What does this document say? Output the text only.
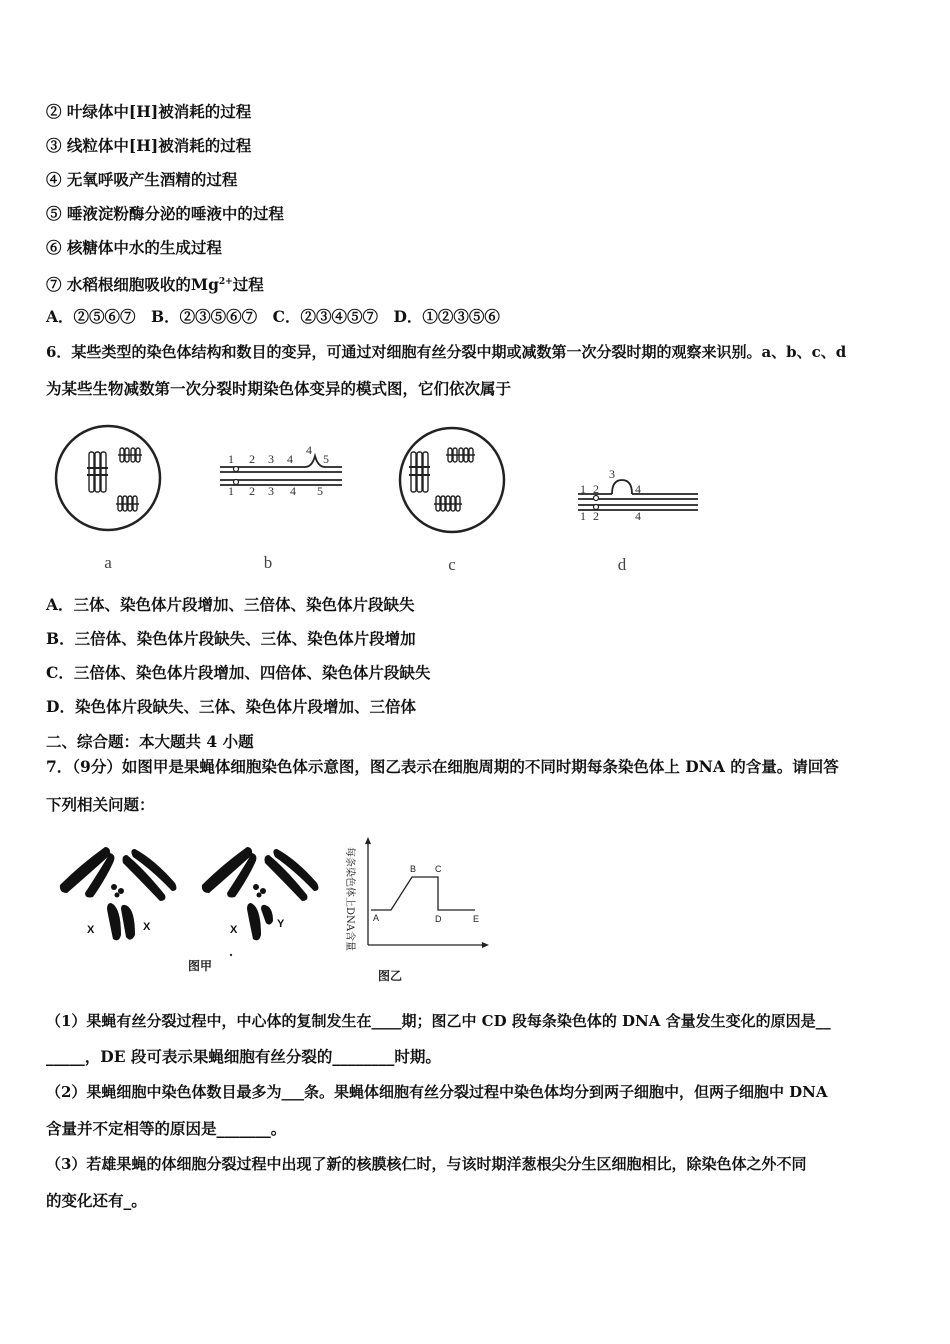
② 叶绿体中[H]被消耗的过程
③ 线粒体中[H]被消耗的过程
④ 无氧呼吸产生酒精的过程
⑤ 唾液淀粉酶分泌的唾液中的过程
⑥ 核糖体中水的生成过程
⑦ 水稻根细胞吸收的$Mg^{2+}$过程
A．②⑤⑥⑦　B．②③⑤⑥⑦　C．②③④⑤⑦　D．①②③⑤⑥
6．某些类型的染色体结构和数目的变异，可通过对细胞有丝分裂中期或减数第一次分裂时期的观察来识别。a、b、c、d
为某些生物减数第一次分裂时期染色体变异的模式图，它们依次属于
a
1 2 3 4
4
5
1 2 3 4 5
b	c
1 2
3
4
1 2	4
d
A．三体、染色体片段增加、三倍体、染色体片段缺失
B．三倍体、染色体片段缺失、三体、染色体片段增加
C．三倍体、染色体片段增加、四倍体、染色体片段缺失
D．染色体片段缺失、三体、染色体片段增加、三倍体
二、综合题：本大题共 4 小题
7．（9分）如图甲是果蝇体细胞染色体示意图，图乙表示在细胞周期的不同时期每条染色体上 DNA 的含量。请回答
下列相关问题：
X	X	X	Y
图甲
每条染色体上DNA含量 A
B C
D	E
图乙
（1）果蝇有丝分裂过程中，中心体的复制发生在____期；图乙中 CD 段每条染色体的 DNA 含量发生变化的原因是__
_____，DE 段可表示果蝇细胞有丝分裂的________时期。
（2）果蝇细胞中染色体数目最多为___条。果蝇体细胞有丝分裂过程中染色体均分到两子细胞中，但两子细胞中 DNA
含量并不定相等的原因是_______。
（3）若雄果蝇的体细胞分裂过程中出现了新的核膜核仁时，与该时期洋葱根尖分生区细胞相比，除染色体之外不同
的变化还有_。
